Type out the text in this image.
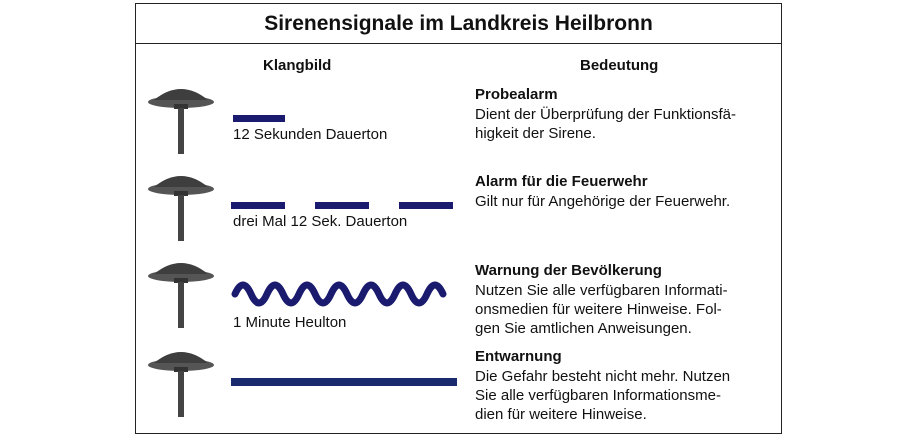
Sirenensignale im Landkreis Heilbronn
Klangbild	Bedeutung
12 Sekunden Dauerton
Probealarm
Dient der Überprüfung der Funktionsfä-
higkeit der Sirene.
drei Mal 12 Sek. Dauerton
Alarm für die Feuerwehr
Gilt nur für Angehörige der Feuerwehr.
1 Minute Heulton
Warnung der Bevölkerung
Nutzen Sie alle verfügbaren Informati-
onsmedien für weitere Hinweise. Fol-
gen Sie amtlichen Anweisungen.
Entwarnung
Die Gefahr besteht nicht mehr. Nutzen
Sie alle verfügbaren Informationsme-
dien für weitere Hinweise.
